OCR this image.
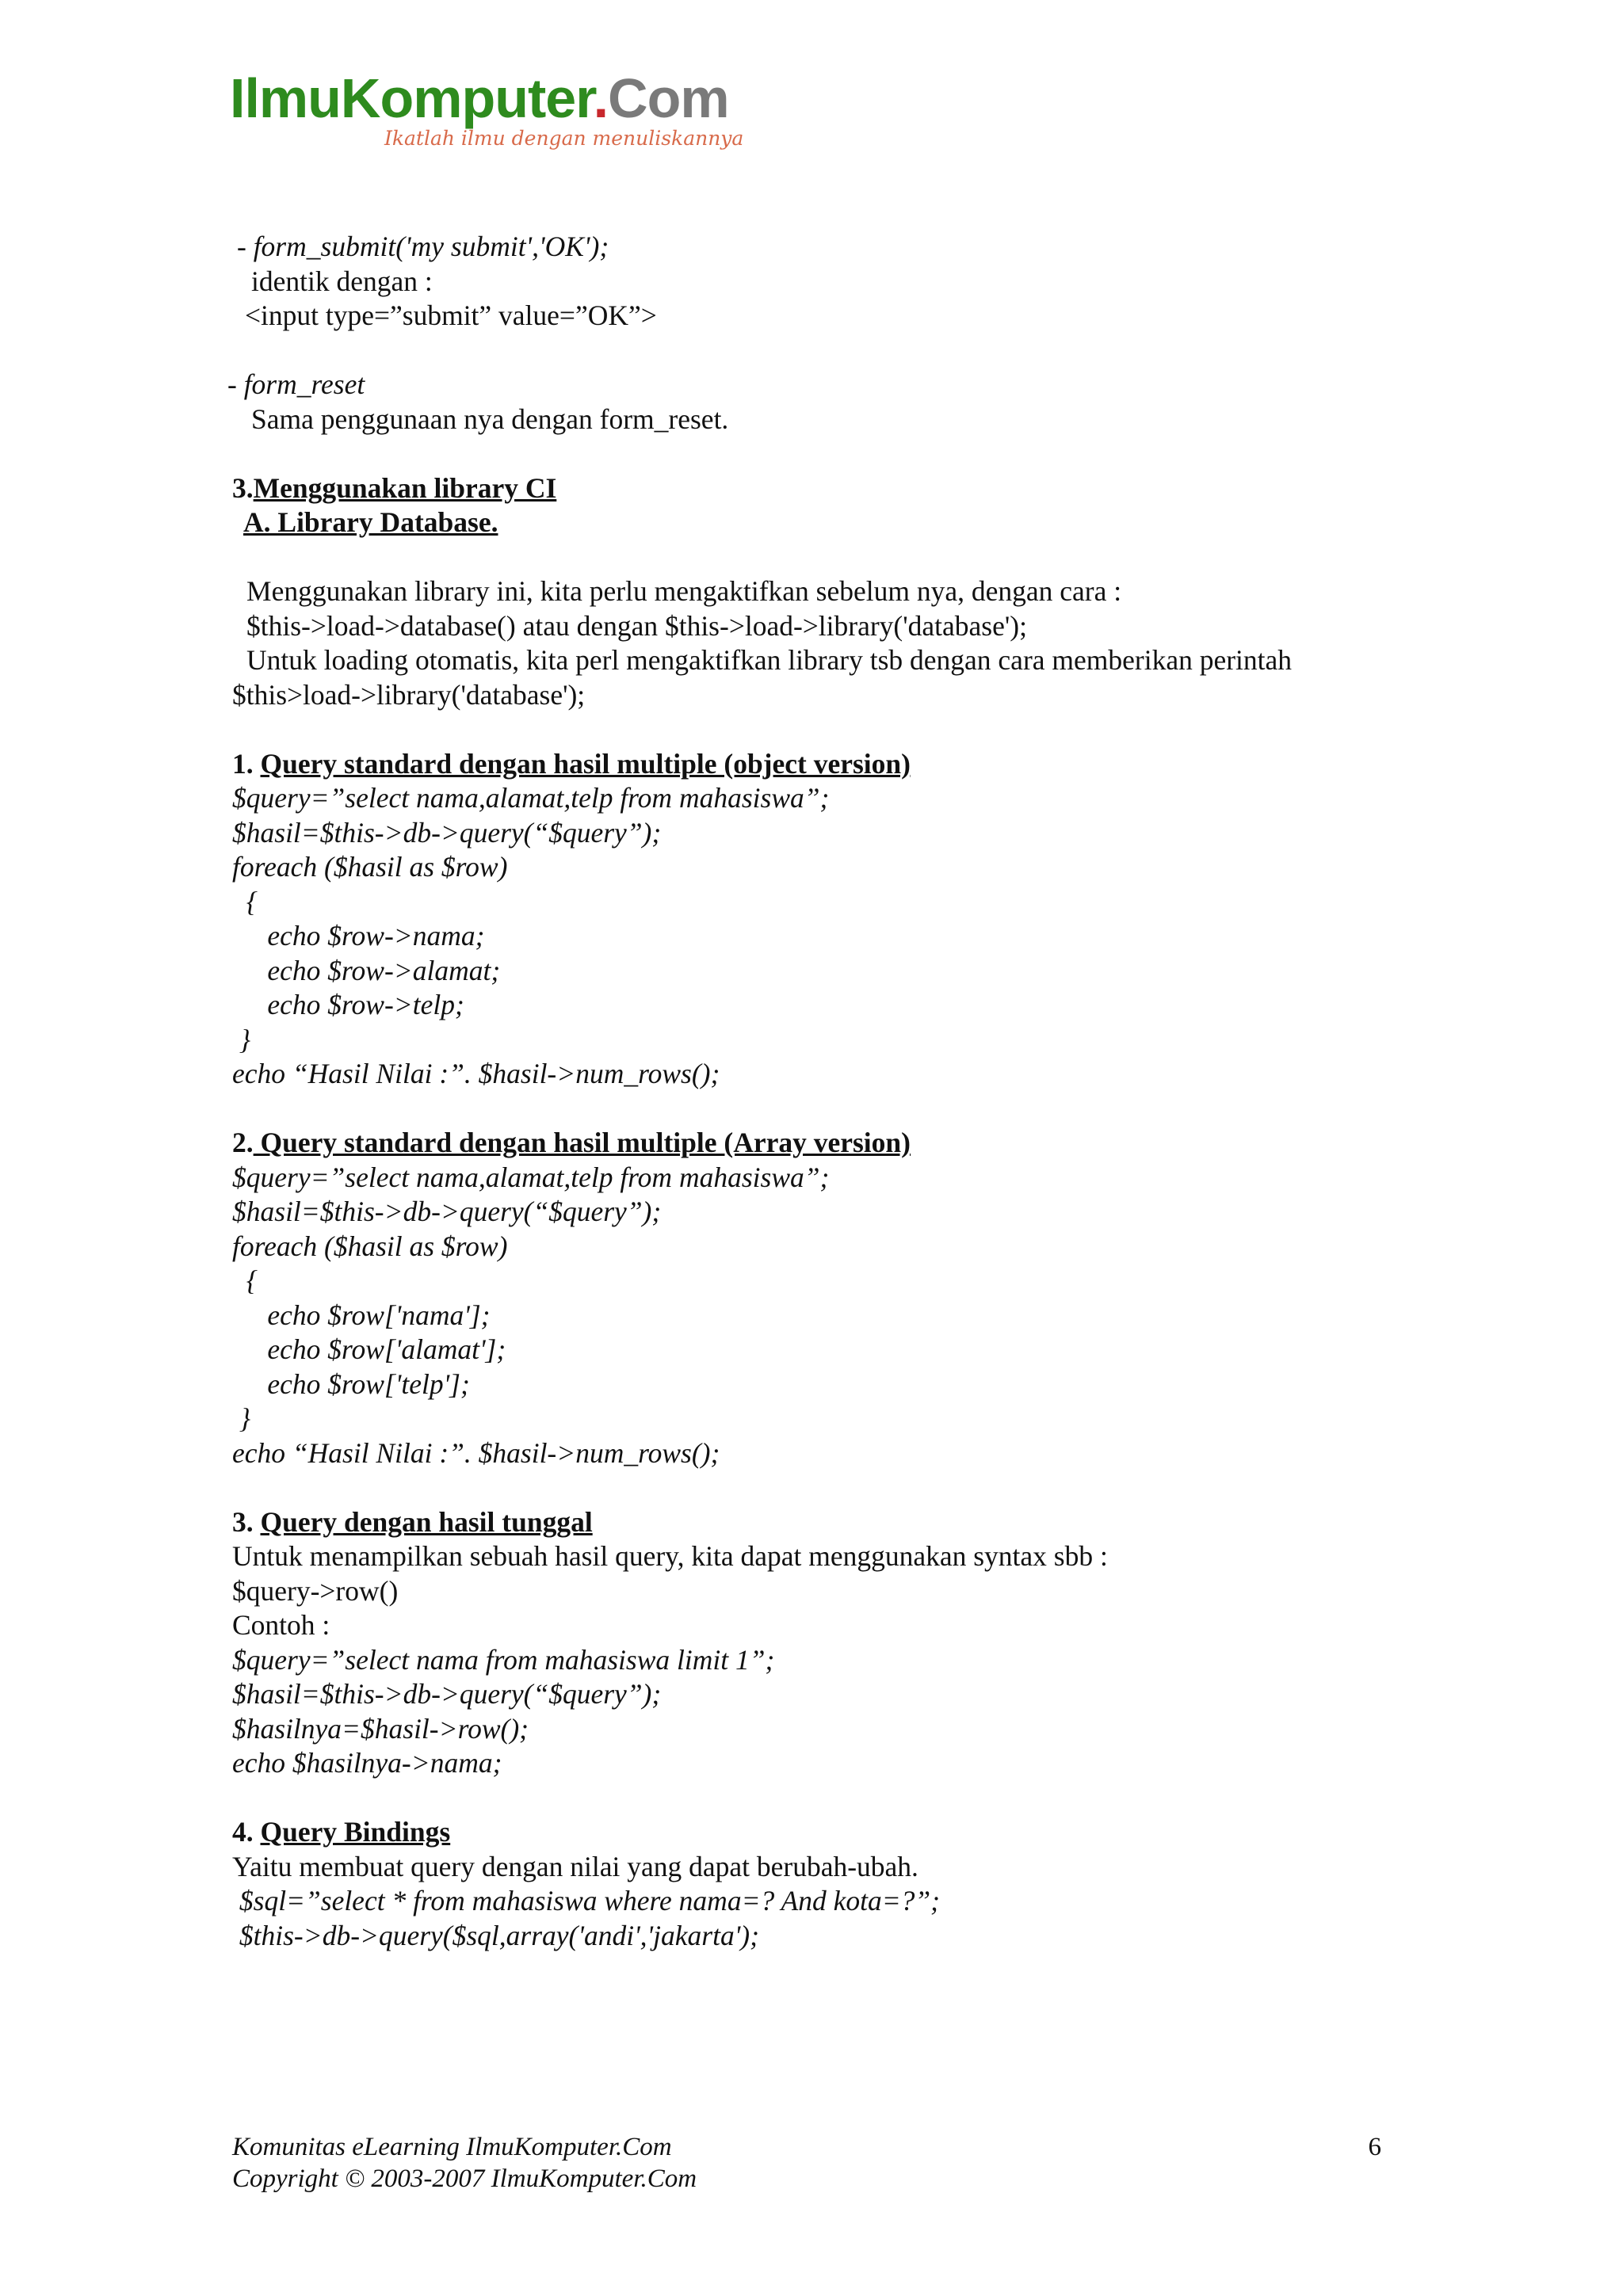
IlmuKomputer.Com
Ikatlah ilmu dengan menuliskannya
- form_submit('my submit','OK');
identik dengan :
<input type=”submit” value=”OK”>
- form_reset
Sama penggunaan nya dengan form_reset.
3.Menggunakan library CI
A. Library Database.
Menggunakan library ini, kita perlu mengaktifkan sebelum nya, dengan cara :
$this->load->database() atau dengan $this->load->library('database');
Untuk loading otomatis, kita perl mengaktifkan library tsb dengan cara memberikan perintah
$this>load->library('database');
1. Query standard dengan hasil multiple (object version)
$query=”select nama,alamat,telp from mahasiswa”;
$hasil=$this->db->query(“$query”);
foreach ($hasil as $row)
{
echo $row->nama;
echo $row->alamat;
echo $row->telp;
}
echo “Hasil Nilai :”. $hasil->num_rows();
2. Query standard dengan hasil multiple (Array version)
$query=”select nama,alamat,telp from mahasiswa”;
$hasil=$this->db->query(“$query”);
foreach ($hasil as $row)
{
echo $row['nama'];
echo $row['alamat'];
echo $row['telp'];
}
echo “Hasil Nilai :”. $hasil->num_rows();
3. Query dengan hasil tunggal
Untuk menampilkan sebuah hasil query, kita dapat menggunakan syntax sbb :
$query->row()
Contoh :
$query=”select nama from mahasiswa limit 1”;
$hasil=$this->db->query(“$query”);
$hasilnya=$hasil->row();
echo $hasilnya->nama;
4. Query Bindings
Yaitu membuat query dengan nilai yang dapat berubah-ubah.
$sql=”select * from mahasiswa where nama=? And kota=?”;
$this->db->query($sql,array('andi','jakarta');
Komunitas eLearning IlmuKomputer.Com
Copyright © 2003-2007 IlmuKomputer.Com
6
